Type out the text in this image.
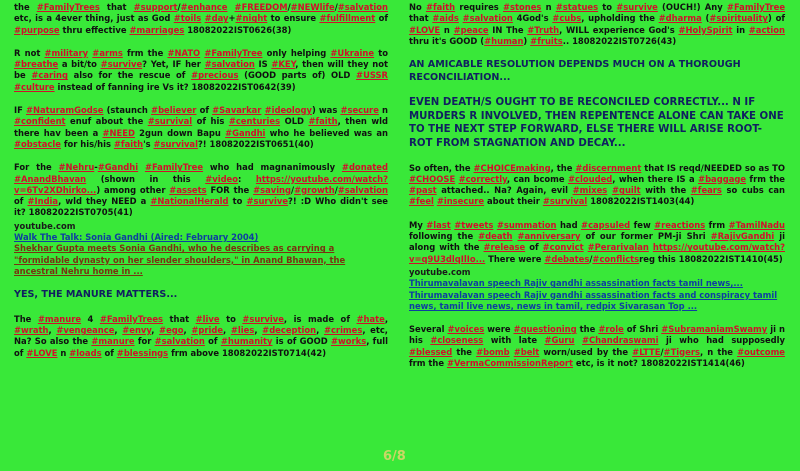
the #FamilyTrees that #support/#enhance #FREEDOM/#NEWlife/#salvation etc, is a 4ever thing, just as God #toils #day+#night to ensure #fulfillment of #purpose thru effective #marriages 18082022IST0626(38)

R not #military #arms frm the #NATO #FamilyTree only helping #Ukraine to #breathe a bit/to #survive? Yet, IF her #salvation IS #KEY, then will they not be #caring also for the rescue of #precious (GOOD parts of) OLD #USSR #culture instead of fanning ire Vs it? 18082022IST0642(39)

IF #NaturamGodse (staunch #believer of #Savarkar #ideology) was #secure n #confident enuf about the #survival of his #centuries OLD #faith, then wld there hav been a #NEED 2gun down Bapu #Gandhi who he believed was an #obstacle for his/his #faith's #survival?! 18082022IST0651(40)

For the #Nehru-#Gandhi #FamilyTree who had magnanimously #donated #AnandBhavan (shown in this #video: https://youtube.com/watch?v=6Tv2XDhirko...) among other #assets FOR the #saving/#growth/#salvation of #India, wld they NEED a #NationalHerald to #survive?! :D Who didn't see it? 18082022IST0705(41)

youtube.com
Walk The Talk: Sonia Gandhi (Aired: February 2004)
Shekhar Gupta meets Sonia Gandhi, who he describes as carrying a "formidable dynasty on her slender shoulders," in Anand Bhawan, the ancestral Nehru home in ...
YES, THE MANURE MATTERS...

The #manure 4 #FamilyTrees that #live to #survive, is made of #hate, #wrath, #vengeance, #envy, #ego, #pride, #lies, #deception, #crimes, etc, Na? So also the #manure for #salvation of #humanity is of GOOD #works, full of #LOVE n #loads of #blessings frm above 18082022IST0714(42)

No #faith requires #stones n #statues to #survive (OUCH!) Any #FamilyTree that #aids #salvation 4God's #cubs, upholding the #dharma (#spirituality) of #LOVE n #peace IN The #Truth, WILL experience God's #HolySpirit in #action thru it's GOOD (#human) #fruits.. 18082022IST0726(43)

AN AMICABLE RESOLUTION DEPENDS MUCH ON A THOROUGH RECONCILIATION...
EVEN DEATH/S OUGHT TO BE RECONCILED CORRECTLY... N IF MURDERS R INVOLVED, THEN REPENTENCE ALONE CAN TAKE ONE TO THE NEXT STEP FORWARD, ELSE THERE WILL ARISE ROOT-ROT FROM STAGNATION AND DECAY...

So often, the #CHOICEmaking, the #discernment that IS reqd/NEEDED so as TO #CHOOSE #correctly, can bcome #clouded, when there IS a #baggage frm the #past attached.. Na? Again, evil #mixes #guilt with the #fears so cubs can #feel #insecure about their #survival 18082022IST1403(44)

My #last #tweets #summation had #capsuled few #reactions frm #TamilNadu following the #death #anniversary of our former PM-ji Shri #RajivGandhi ji along with the #release of #convict #Perarivalan https://youtube.com/watch?v=q9U3dlqIlIo... There were #debates/#conflictsreg this 18082022IST1410(45)

youtube.com
Thirumavalavan speech Rajiv gandhi assassination facts tamil news,...
Thirumavalavan speech Rajiv gandhi assassination facts and conspiracy tamil news, tamil live news, news in tamil, redpix Sivarasan Top ...

Several #voices were #questioning the #role of Shri #SubramaniamSwamy ji n his #closeness with late #Guru #Chandraswami ji who had supposedly #blessed the #bomb #belt worn/used by the #LTTE/#Tigers, n the #outcome frm the #VermaCommissionReport etc, is it not? 18082022IST1414(46)

6/8
